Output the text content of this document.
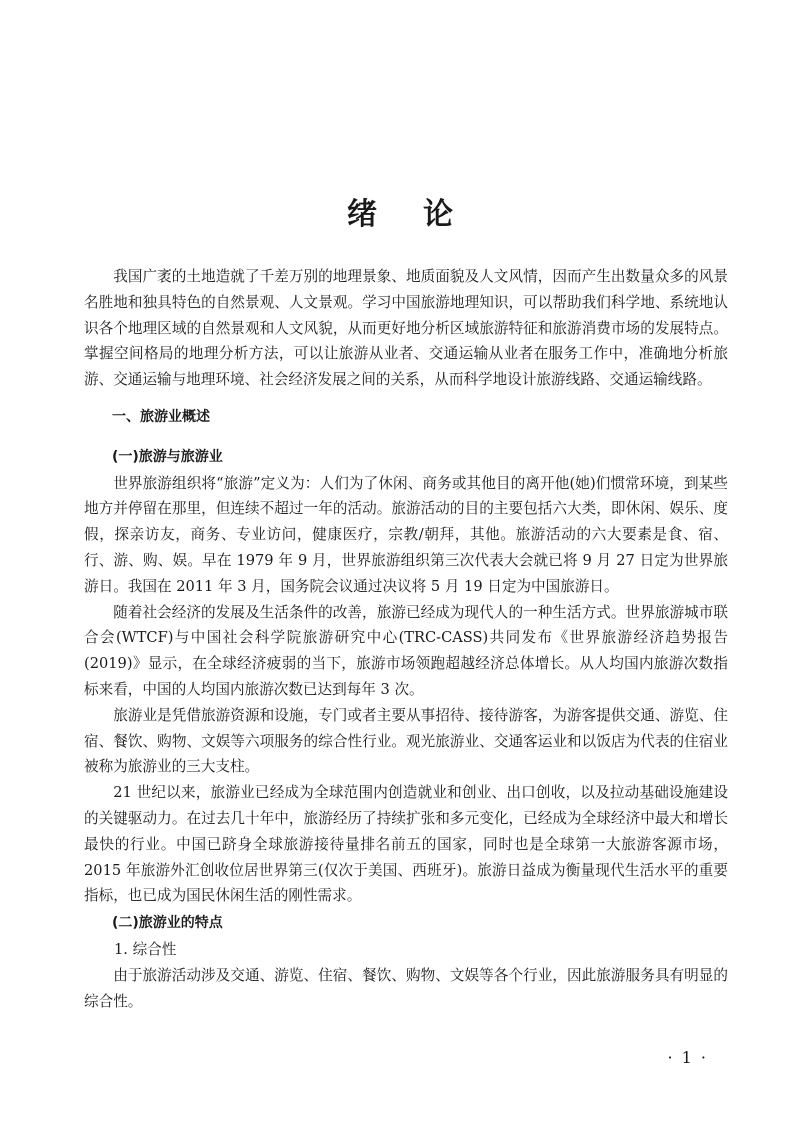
绪论

我国广袤的土地造就了千差万别的地理景象、地质面貌及人文风情，因而产生出数量众多的风景名胜地和独具特色的自然景观、人文景观。学习中国旅游地理知识，可以帮助我们科学地、系统地认识各个地理区域的自然景观和人文风貌，从而更好地分析区域旅游特征和旅游消费市场的发展特点。掌握空间格局的地理分析方法，可以让旅游从业者、交通运输从业者在服务工作中，准确地分析旅游、交通运输与地理环境、社会经济发展之间的关系，从而科学地设计旅游线路、交通运输线路。

一、旅游业概述

(一)旅游与旅游业

世界旅游组织将“旅游”定义为：人们为了休闲、商务或其他目的离开他(她)们惯常环境，到某些地方并停留在那里，但连续不超过一年的活动。旅游活动的目的主要包括六大类，即休闲、娱乐、度假，探亲访友，商务、专业访问，健康医疗，宗教/朝拜，其他。旅游活动的六大要素是食、宿、行、游、购、娱。早在 1979 年 9 月，世界旅游组织第三次代表大会就已将 9 月 27 日定为世界旅游日。我国在 2011 年 3 月，国务院会议通过决议将 5 月 19 日定为中国旅游日。

随着社会经济的发展及生活条件的改善，旅游已经成为现代人的一种生活方式。世界旅游城市联合会(WTCF)与中国社会科学院旅游研究中心(TRC-CASS)共同发布《世界旅游经济趋势报告(2019)》显示，在全球经济疲弱的当下，旅游市场领跑超越经济总体增长。从人均国内旅游次数指标来看，中国的人均国内旅游次数已达到每年 3 次。

旅游业是凭借旅游资源和设施，专门或者主要从事招待、接待游客，为游客提供交通、游览、住宿、餐饮、购物、文娱等六项服务的综合性行业。观光旅游业、交通客运业和以饭店为代表的住宿业被称为旅游业的三大支柱。

21 世纪以来，旅游业已经成为全球范围内创造就业和创业、出口创收，以及拉动基础设施建设的关键驱动力。在过去几十年中，旅游经历了持续扩张和多元变化，已经成为全球经济中最大和增长最快的行业。中国已跻身全球旅游接待量排名前五的国家，同时也是全球第一大旅游客源市场，2015 年旅游外汇创收位居世界第三(仅次于美国、西班牙)。旅游日益成为衡量现代生活水平的重要指标，也已成为国民休闲生活的刚性需求。

(二)旅游业的特点

1. 综合性

由于旅游活动涉及交通、游览、住宿、餐饮、购物、文娱等各个行业，因此旅游服务具有明显的综合性。

· 1 ·
